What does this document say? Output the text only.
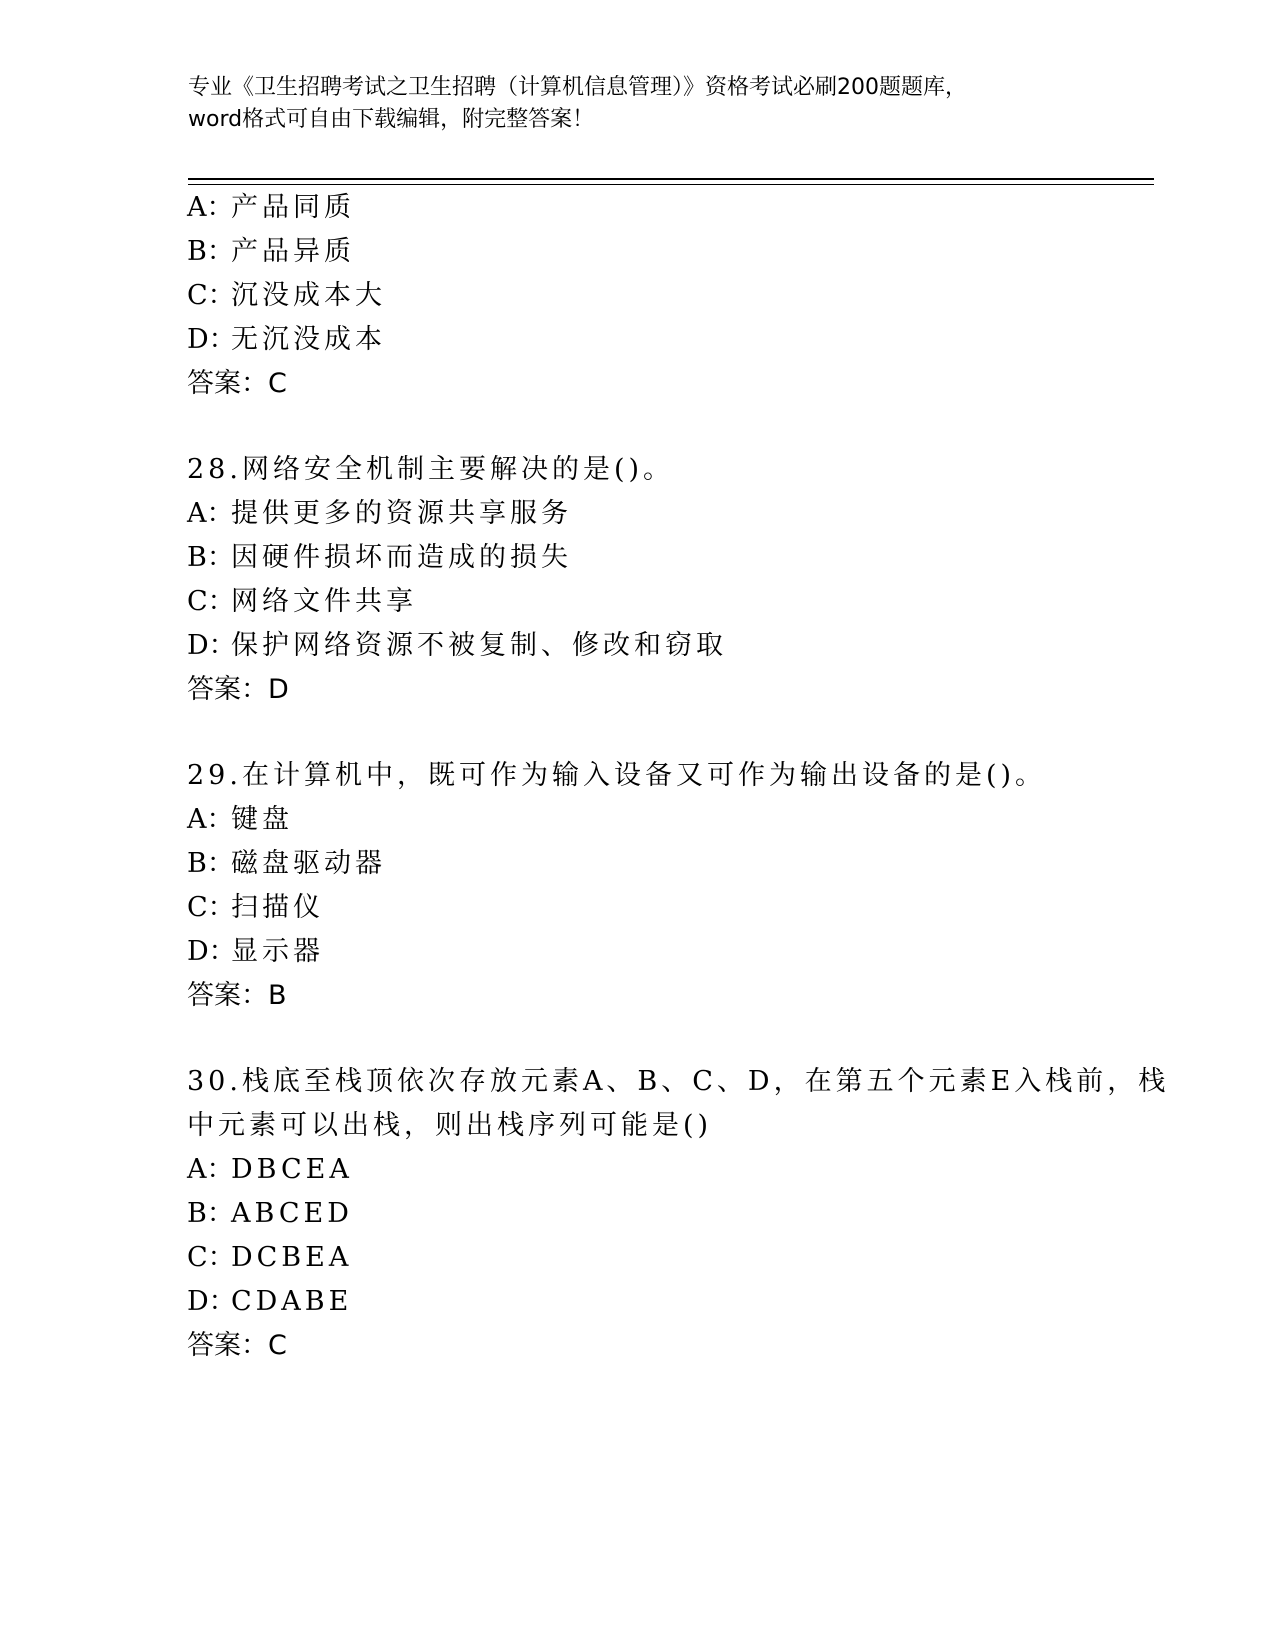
专业《卫生招聘考试之卫生招聘（计算机信息管理）》资格考试必刷200题题库，
word格式可自由下载编辑，附完整答案！
A：产品同质
B：产品异质
C：沉没成本大
D：无沉没成本
答案：C
28.网络安全机制主要解决的是()。
A：提供更多的资源共享服务
B：因硬件损坏而造成的损失
C：网络文件共享
D：保护网络资源不被复制、修改和窃取
答案：D
29.在计算机中，既可作为输入设备又可作为输出设备的是()。
A：键盘
B：磁盘驱动器
C：扫描仪
D：显示器
答案：B
30.栈底至栈顶依次存放元素A、B、C、D，在第五个元素E入栈前，栈
中元素可以出栈，则出栈序列可能是()
A：DBCEA
B：ABCED
C：DCBEA
D：CDABE
答案：C
